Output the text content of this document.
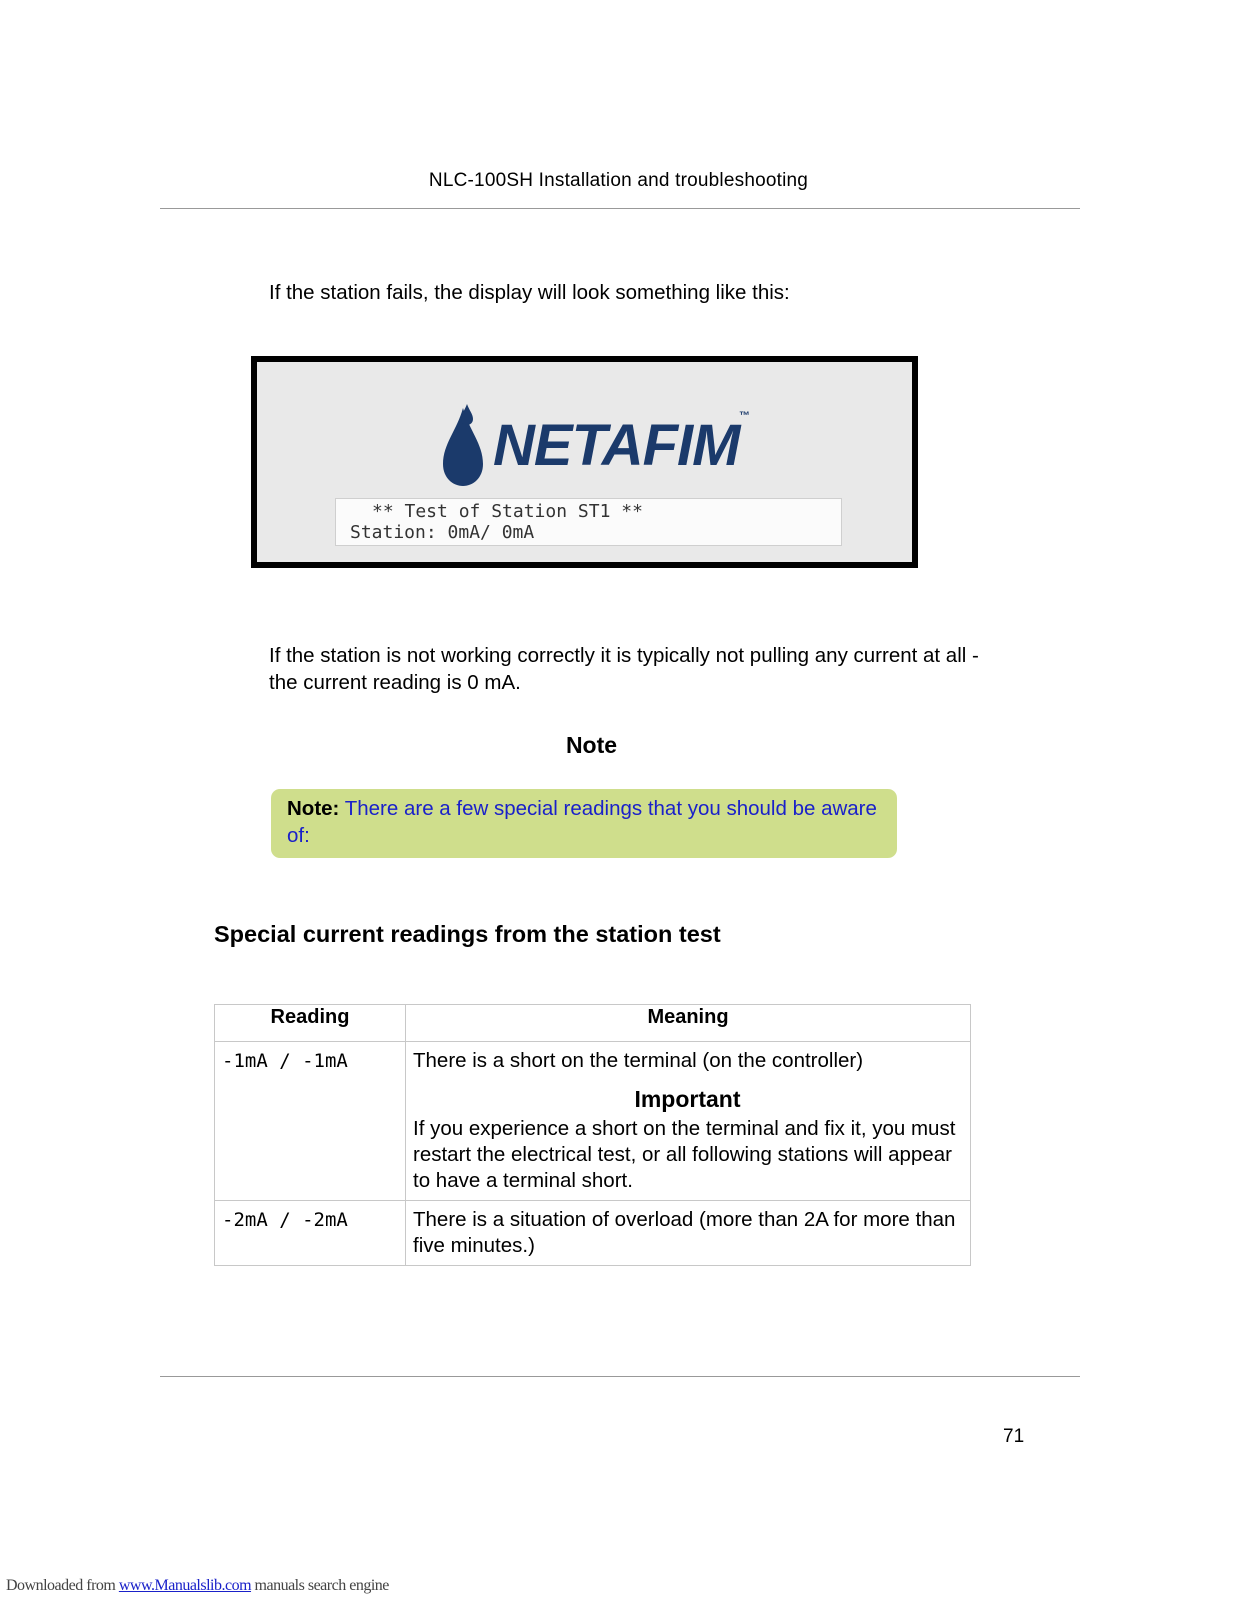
NLC-100SH Installation and troubleshooting
If the station fails, the display will look something like this:
NETAFIM ™
** Test of Station ST1 **
Station: 0mA/ 0mA
If the station is not working correctly it is typically not pulling any current at all - the current reading is 0 mA.
Note
Note: There are a few special readings that you should be aware of:
Special current readings from the station test
Reading	Meaning
-1mA / -1mA	There is a short on the terminal (on the controller)
Important
If you experience a short on the terminal and fix it, you must restart the electrical test, or all following stations will appear to have a terminal short.

-2mA / -2mA	There is a situation of overload (more than 2A for more than five minutes.)
71
Downloaded from www.Manualslib.com manuals search engine
